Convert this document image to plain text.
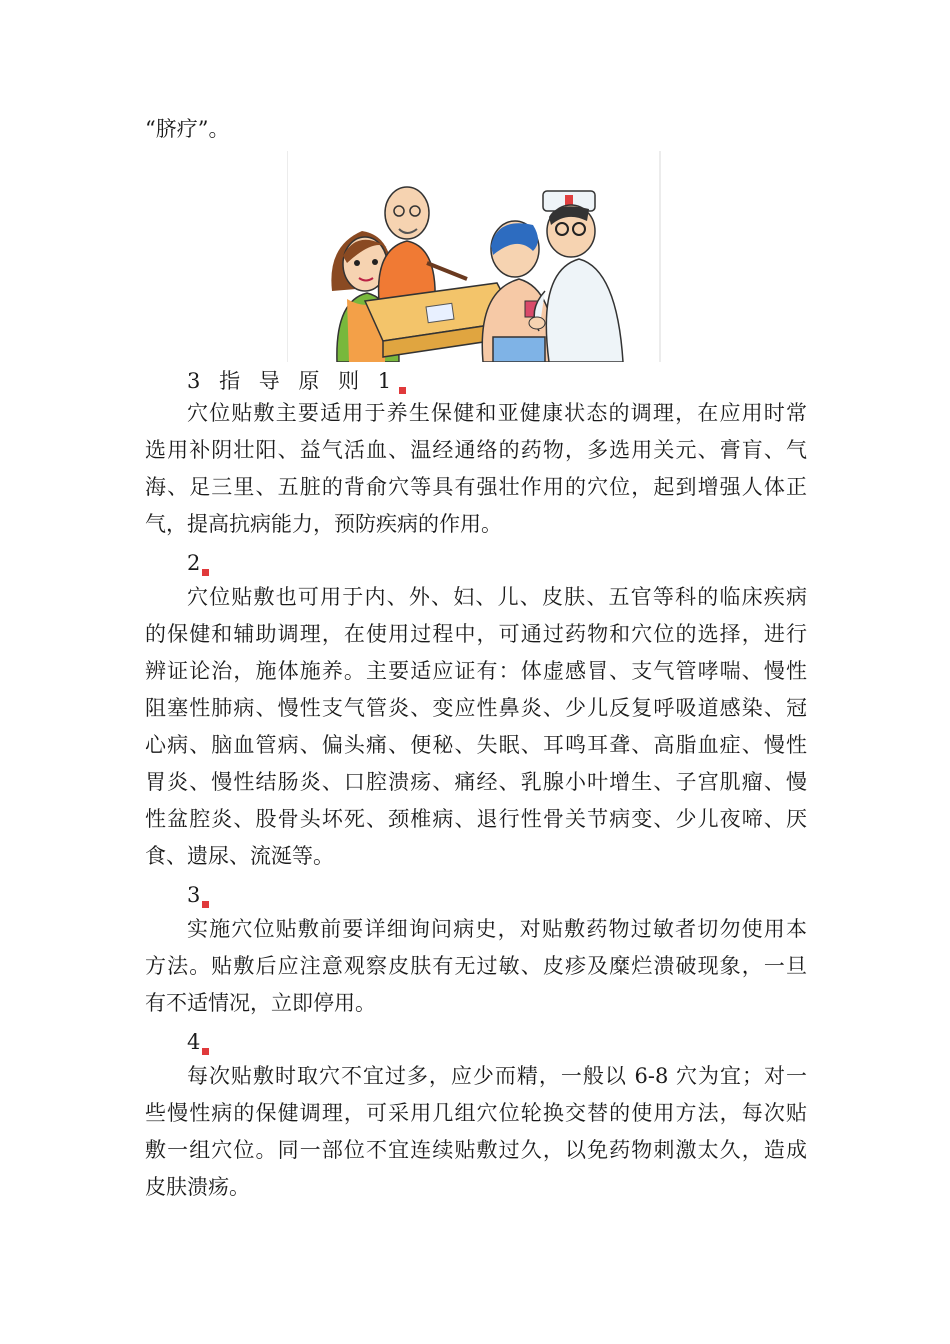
“脐疗”。
3 指 导 原 则 1
穴位贴敷主要适用于养生保健和亚健康状态的调理，在应用时常
选用补阴壮阳、益气活血、温经通络的药物，多选用关元、膏肓、气
海、足三里、五脏的背俞穴等具有强壮作用的穴位，起到增强人体正
气，提高抗病能力，预防疾病的作用。
2
穴位贴敷也可用于内、外、妇、儿、皮肤、五官等科的临床疾病
的保健和辅助调理，在使用过程中，可通过药物和穴位的选择，进行
辨证论治，施体施养。主要适应证有：体虚感冒、支气管哮喘、慢性
阻塞性肺病、慢性支气管炎、变应性鼻炎、少儿反复呼吸道感染、冠
心病、脑血管病、偏头痛、便秘、失眠、耳鸣耳聋、高脂血症、慢性
胃炎、慢性结肠炎、口腔溃疡、痛经、乳腺小叶增生、子宫肌瘤、慢
性盆腔炎、股骨头坏死、颈椎病、退行性骨关节病变、少儿夜啼、厌
食、遗尿、流涎等。
3
实施穴位贴敷前要详细询问病史，对贴敷药物过敏者切勿使用本
方法。贴敷后应注意观察皮肤有无过敏、皮疹及糜烂溃破现象，一旦
有不适情况，立即停用。
4
每次贴敷时取穴不宜过多，应少而精，一般以 6-8 穴为宜；对一
些慢性病的保健调理，可采用几组穴位轮换交替的使用方法，每次贴
敷一组穴位。同一部位不宜连续贴敷过久，以免药物刺激太久，造成
皮肤溃疡。
